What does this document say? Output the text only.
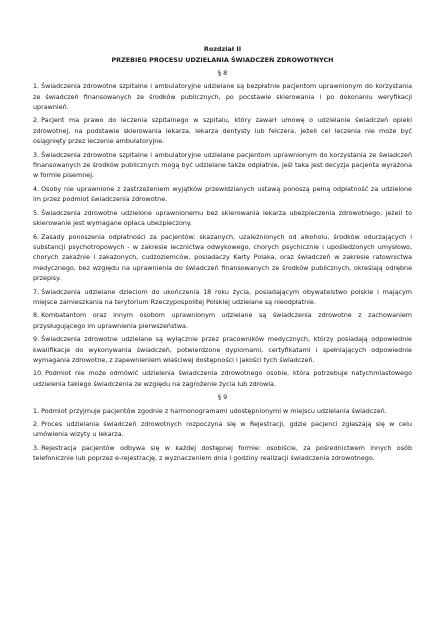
Rozdział II
PRZEBIEG PROCESU UDZIELANIA ŚWIADCZEŃ ZDROWOTNYCH
§ 8
1. Świadczenia zdrowotne szpitalne i ambulatoryjne udzielane są bezpłatnie pacjentom uprawnionym do korzystania ze świadczeń finansowanych ze środków publicznych, po pocstawie skierowania i po dokonaniu weryfikacji uprawnień.
2. Pacjent ma prawo do leczenia szpitalnego w szpitalu, który zawarł umowę o udzielanie świadczeń opieki zdrowotnej, na podstawie skierowania lekarza, lekarza dentysty lub felczera, jeżeli cel leczenia nie może być osiągnięty przez leczenie ambulatoryjne.
3. Świadczenia zdrowotne szpitalne i ambulatoryjne udzielane pacjentom uprawnionym do korzystania ze świadczeń finansowanych ze środków publicznych mogą być udzielane także odpłatnie, jeśl taka jest decyzja pacjenta wyrażona w formie pisemnej.
4. Osoby nie uprawnione z zastrzeżeniem wyjątków przewidzianych ustawą ponoszą pełną odpłatność za udzielone im przez podmiot świadczenia zdrowotne.
5. Świadczenia zdrowotne udzielone uprawnionemu bez skierowania lekarza ubezpieczenia zdrowotnego, jeżeli to skierowanie jest wymagane opłaca ubezpieczony.
6. Zasady ponoszenia odpłatności za pacjentów: skazanych, uzależnionych od alkoholu, środków odurzających i substancji psychotropowych - w zakresie lecznictwa odwykowego, chorych psychicznie i upośledzonych umysłowo, chorych zakaźnie i zakażonych, cudzoziemców, posiadaczy Karty Polaka, oraz świadczeń w zakresie ratownictwa medycznego, bez względu na uprawnienia do świadczeń finansowanych ze środków publicznych, określają odrębne przepisy.
7. Świadczenia udzielane dzieciom do ukończenia 18 roku życia, posiadającym obywatelstwo polskie i mającym miejsce zamieszkania na terytorium Rzeczypospolitej Polskiej udzielane są nieodpłatnie.
8. Kombatantom oraz innym osobom uprawnionym udzielane są świadczenia zdrowotne z zachowaniem przysługującego im uprawnienia pierwszeństwa.
9. Świadczenia zdrowotne udzielane są wyłącznie przez pracowników medycznych, którzy posiadają odpowiednie kwalifikacje do wykonywania świadczeń, potwierdzone dyplomami, certyfikatami i spełniających odpowiednie wymagania zdrowotne, z zapewnieniem właściwej dostępności i jakości tych świadczeń.
10. Podmiot nie może odmówić udzielenia świadczenia zdrowotnego osobie, która potrzebuje natychmiastowego udzielenia takiego świadczenia ze względu na zagrożenie życia lub zdrowia.
§ 9
1. Podmiot przyjmuje pacjentów zgodnie z harmonogramami udostępnionymi w miejscu udzielania świadczeń.
2. Proces udzielania świadczeń zdrowotnych rozpoczyna się w Rejestracji, gdzie pacjenci zgłaszają się w celu umówienia wizyty u lekarza.
3. Rejestracja pacjentów odbywa się w każdej dostępnej formie: osobiście, za pośrednictwem innych osób telefonicznie lub poprzez e-rejestrację, z wyznaczeniem dnia i godziny realizacji świadczenia zdrowotnego.
